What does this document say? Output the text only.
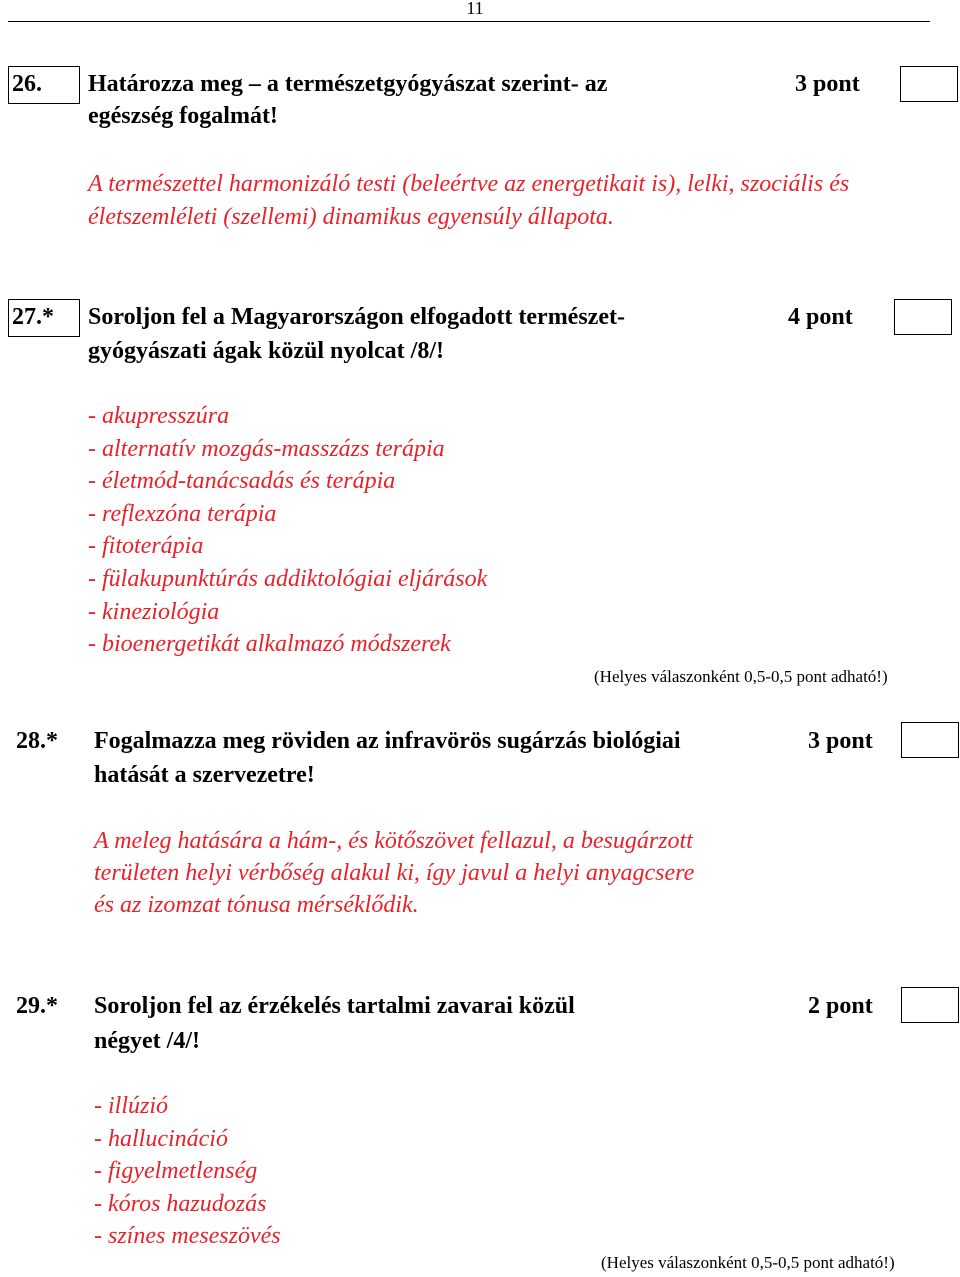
11
26. Határozza meg – a természetgyógyászat szerint- az
egészség fogalmát!
3 pont
A természettel harmonizáló testi (beleértve az energetikait is), lelki, szociális és életszemléleti (szellemi) dinamikus egyensúly állapota.
27.* Soroljon fel a Magyarországon elfogadott természet-
gyógyászati ágak közül nyolcat /8/!
4 pont
- akupresszúra
- alternatív mozgás-masszázs terápia
- életmód-tanácsadás és terápia
- reflexzóna terápia
- fitoterápia
- fülakupunktúrás addiktológiai eljárások
- kineziológia
- bioenergetikát alkalmazó módszerek
(Helyes válaszonként 0,5-0,5 pont adható!)
28.* Fogalmazza meg röviden az infravörös sugárzás biológiai
hatását a szervezetre!
3 pont
A meleg hatására a hám-, és kötőszövet fellazul, a besugárzott
területen helyi vérbőség alakul ki, így javul a helyi anyagcsere
és az izomzat tónusa mérséklődik.
29.* Soroljon fel az érzékelés tartalmi zavarai közül
négyet /4/!
2 pont
- illúzió
- hallucináció
- figyelmetlenség
- kóros hazudozás
- színes meseszövés
(Helyes válaszonként 0,5-0,5 pont adható!)
